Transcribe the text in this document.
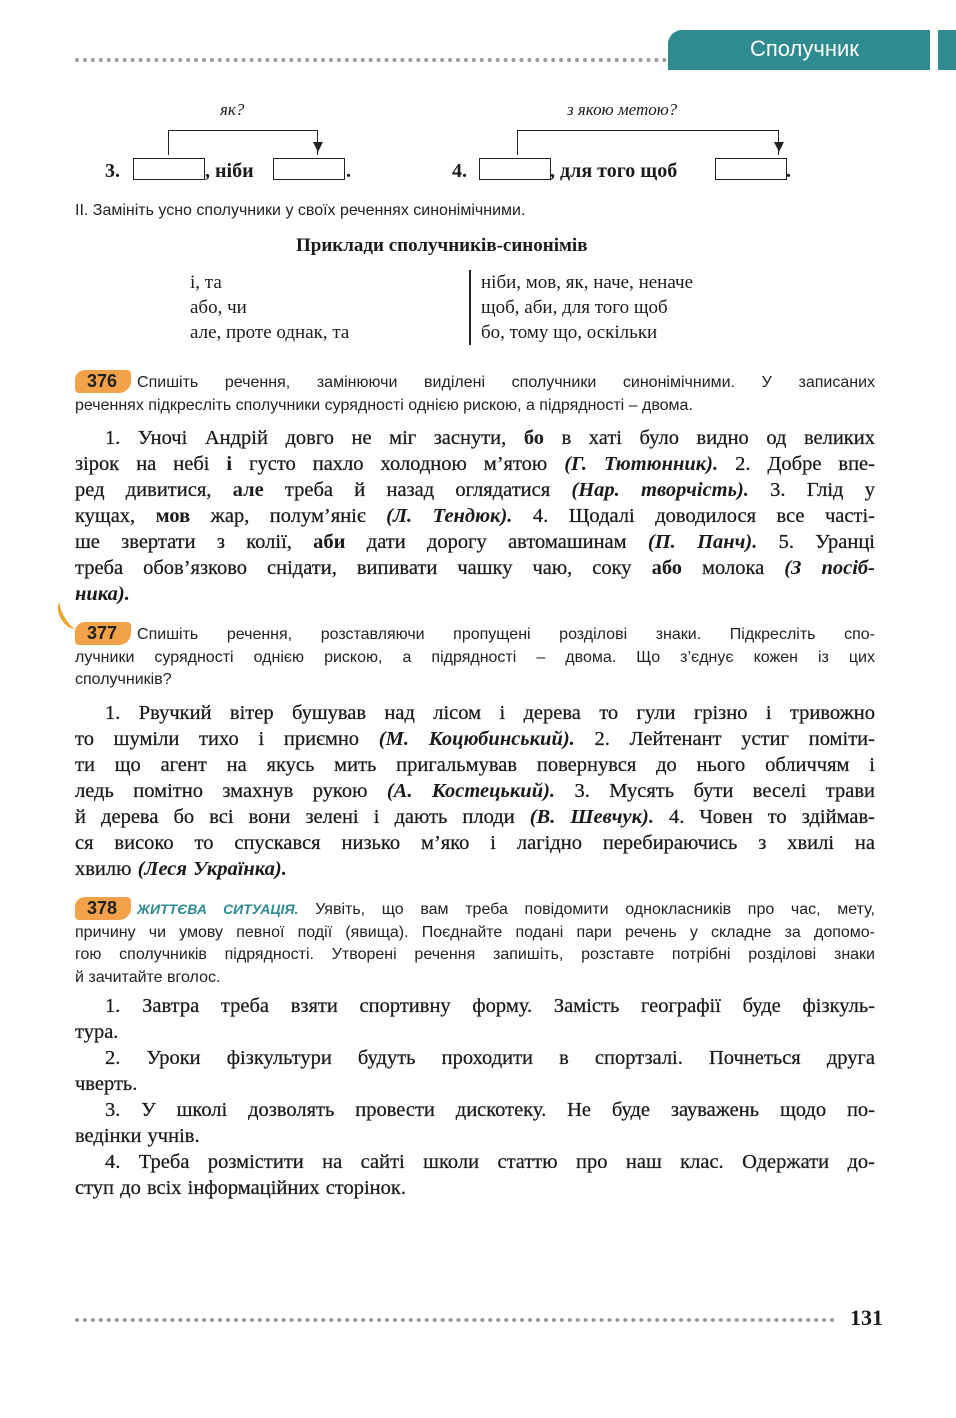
Сполучник
як?
3.	, ніби	.
з якою метою?
4.	, для того щоб	.
II. Замініть усно сполучники у своїх реченнях синонімічними.
Приклади сполучників-синонімів
і, та	ніби, мов, як, наче, неначе
або, чи	щоб, аби, для того щоб
але, проте однак, та	бо, тому що, оскільки
376 Спишіть речення, замінюючи виділені сполучники синонімічними. У записаних
реченнях підкресліть сполучники сурядності однією рискою, а підрядності – двома.
1. Уночі Андрій довго не міг заснути, бо в хаті було видно од великих
зірок на небі і густо пахло холодною м’ятою (Г. Тютюнник). 2. Добре впе-
ред дивитися, але треба й назад оглядатися (Нар. творчість). 3. Глід у
кущах, мов жар, полум’яніє (Л. Тендюк). 4. Щодалі доводилося все часті-
ше звертати з колії, аби дати дорогу автомашинам (П. Панч). 5. Уранці
треба обов’язково снідати, випивати чашку чаю, соку або молока (З посіб-
ника).
377 Спишіть речення, розставляючи пропущені розділові знаки. Підкресліть спо-
лучники сурядності однією рискою, а підрядності – двома. Що з’єднує кожен із цих
сполучників?
1. Рвучкий вітер бушував над лісом і дерева то гули грізно і тривожно
то шуміли тихо і приємно (М. Коцюбинський). 2. Лейтенант устиг поміти-
ти що агент на якусь мить пригальмував повернувся до нього обличчям і
ледь помітно змахнув рукою (А. Костецький). 3. Мусять бути веселі трави
й дерева бо всі вони зелені і дають плоди (В. Шевчук). 4. Човен то здіймав-
ся високо то спускався низько м’яко і лагідно перебираючись з хвилі на
хвилю (Леся Українка).
378 ЖИТТЄВА СИТУАЦІЯ. Уявіть, що вам треба повідомити однокласників про час, мету,
причину чи умову певної події (явища). Поєднайте подані пари речень у складне за допомо-
гою сполучників підрядності. Утворені речення запишіть, розставте потрібні розділові знаки
й зачитайте вголос.
1. Завтра треба взяти спортивну форму. Замість географії буде фізкуль-
тура.
2. Уроки фізкультури будуть проходити в спортзалі. Почнеться друга
чверть.
3. У школі дозволять провести дискотеку. Не буде зауважень щодо по-
ведінки учнів.
4. Треба розмістити на сайті школи статтю про наш клас. Одержати до-
ступ до всіх інформаційних сторінок.
131
